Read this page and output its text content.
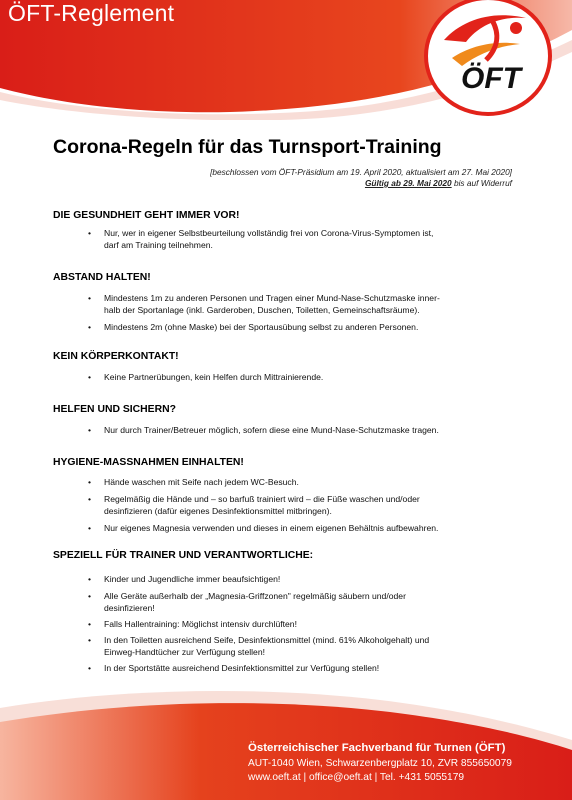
ÖFT-Reglement
ÖFT
Corona-Regeln für das Turnsport-Training
[beschlossen vom ÖFT-Präsidium am 19. April 2020, aktualisiert am 27. Mai 2020]
Gültig ab 29. Mai 2020 bis auf Widerruf
DIE GESUNDHEIT GEHT IMMER VOR!
• Nur, wer in eigener Selbstbeurteilung vollständig frei von Corona-Virus-Symptomen ist,
darf am Training teilnehmen.
ABSTAND HALTEN!
• Mindestens 1m zu anderen Personen und Tragen einer Mund-Nase-Schutzmaske inner-
halb der Sportanlage (inkl. Garderoben, Duschen, Toiletten, Gemeinschaftsräume).
• Mindestens 2m (ohne Maske) bei der Sportausübung selbst zu anderen Personen.
KEIN KÖRPERKONTAKT!
• Keine Partnerübungen, kein Helfen durch Mittrainierende.
HELFEN UND SICHERN?
• Nur durch Trainer/Betreuer möglich, sofern diese eine Mund-Nase-Schutzmaske tragen.
HYGIENE-MASSNAHMEN EINHALTEN!
• Hände waschen mit Seife nach jedem WC-Besuch.
• Regelmäßig die Hände und – so barfuß trainiert wird – die Füße waschen und/oder
desinfizieren (dafür eigenes Desinfektionsmittel mitbringen).
• Nur eigenes Magnesia verwenden und dieses in einem eigenen Behältnis aufbewahren.
SPEZIELL FÜR TRAINER UND VERANTWORTLICHE:
• Kinder und Jugendliche immer beaufsichtigen!
• Alle Geräte außerhalb der „Magnesia-Griffzonen" regelmäßig säubern und/oder
desinfizieren!
• Falls Hallentraining: Möglichst intensiv durchlüften!
• In den Toiletten ausreichend Seife, Desinfektionsmittel (mind. 61% Alkoholgehalt) und
Einweg-Handtücher zur Verfügung stellen!
• In der Sportstätte ausreichend Desinfektionsmittel zur Verfügung stellen!
Österreichischer Fachverband für Turnen (ÖFT)
AUT-1040 Wien, Schwarzenbergplatz 10, ZVR 855650079
www.oeft.at | office@oeft.at | Tel. +431 5055179
